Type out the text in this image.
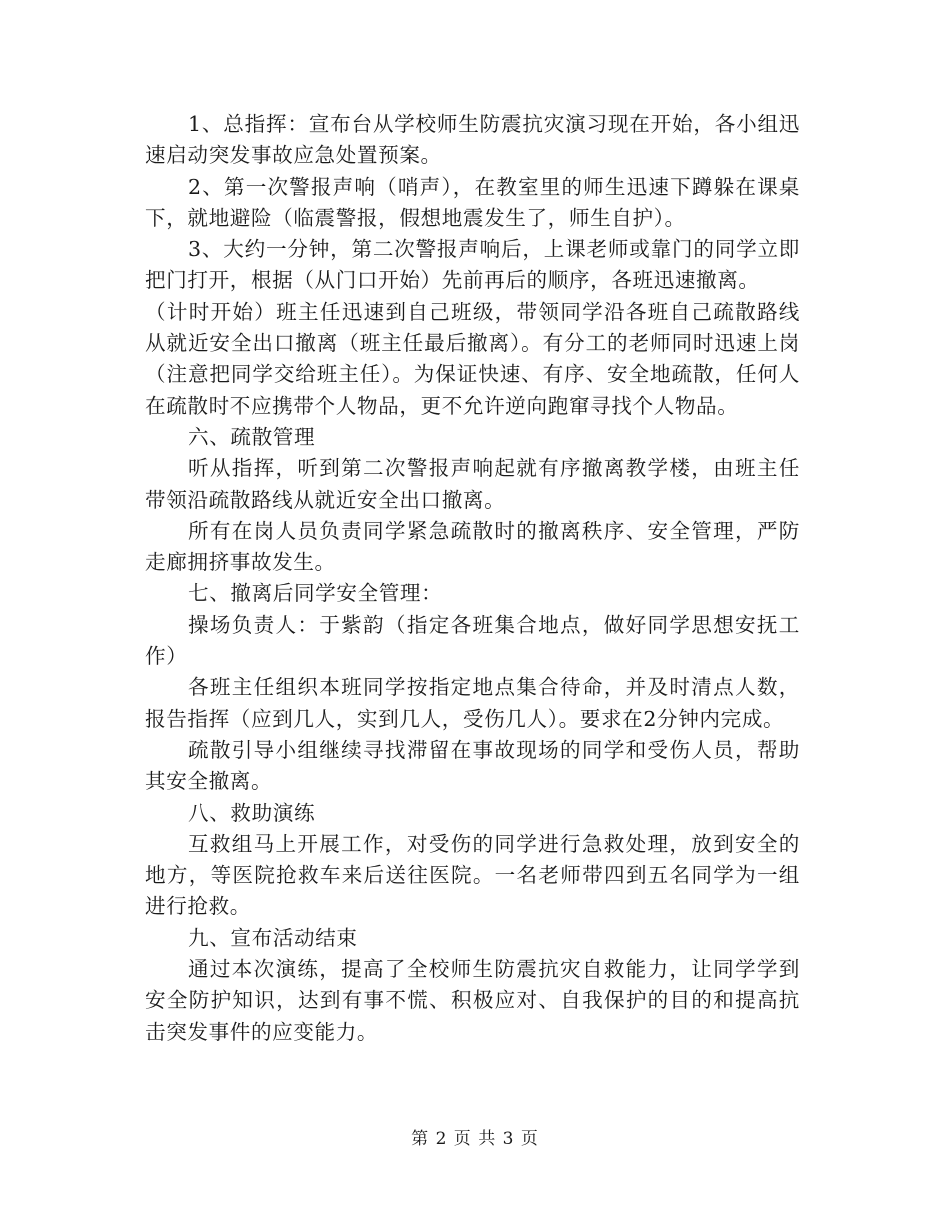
1、总指挥：宣布台从学校师生防震抗灾演习现在开始，各小组迅速启动突发事故应急处置预案。

2、第一次警报声响（哨声），在教室里的师生迅速下蹲躲在课桌下，就地避险（临震警报，假想地震发生了，师生自护）。

3、大约一分钟，第二次警报声响后，上课老师或靠门的同学立即把门打开，根据（从门口开始）先前再后的顺序，各班迅速撤离。

（计时开始）班主任迅速到自己班级，带领同学沿各班自己疏散路线从就近安全出口撤离（班主任最后撤离）。有分工的老师同时迅速上岗（注意把同学交给班主任）。为保证快速、有序、安全地疏散，任何人在疏散时不应携带个人物品，更不允许逆向跑窜寻找个人物品。

六、疏散管理

听从指挥，听到第二次警报声响起就有序撤离教学楼，由班主任带领沿疏散路线从就近安全出口撤离。

所有在岗人员负责同学紧急疏散时的撤离秩序、安全管理，严防走廊拥挤事故发生。

七、撤离后同学安全管理：

操场负责人：于紫韵（指定各班集合地点，做好同学思想安抚工作）

各班主任组织本班同学按指定地点集合待命，并及时清点人数，报告指挥（应到几人，实到几人，受伤几人）。要求在2分钟内完成。

疏散引导小组继续寻找滞留在事故现场的同学和受伤人员，帮助其安全撤离。

八、救助演练

互救组马上开展工作，对受伤的同学进行急救处理，放到安全的地方，等医院抢救车来后送往医院。一名老师带四到五名同学为一组进行抢救。

九、宣布活动结束

通过本次演练，提高了全校师生防震抗灾自救能力，让同学学到安全防护知识，达到有事不慌、积极应对、自我保护的目的和提高抗击突发事件的应变能力。

第 2 页 共 3 页
